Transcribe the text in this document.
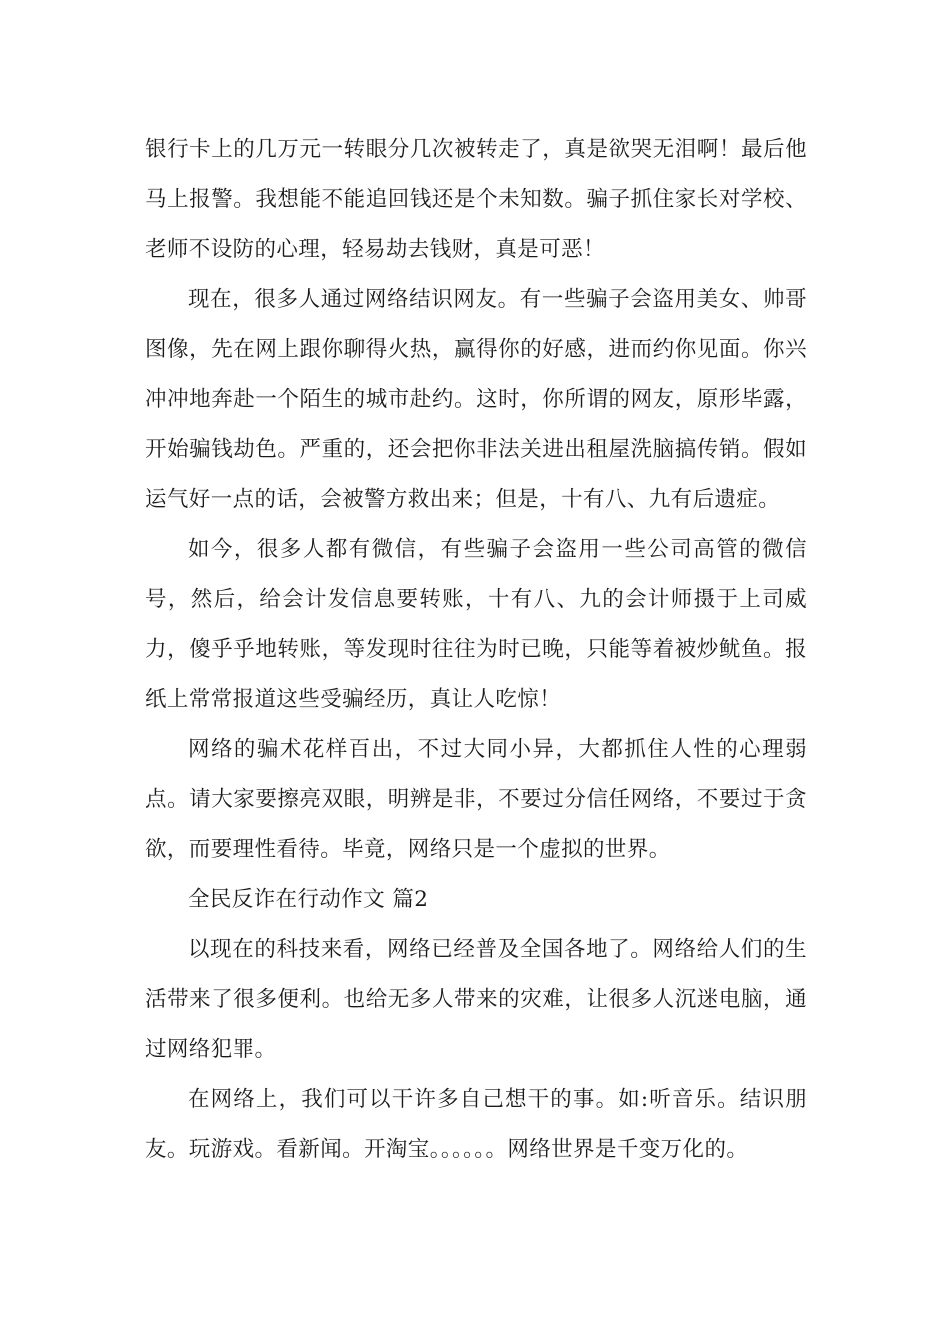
银行卡上的几万元一转眼分几次被转走了，真是欲哭无泪啊！最后他马上报警。我想能不能追回钱还是个未知数。骗子抓住家长对学校、老师不设防的心理，轻易劫去钱财，真是可恶！

现在，很多人通过网络结识网友。有一些骗子会盗用美女、帅哥图像，先在网上跟你聊得火热，赢得你的好感，进而约你见面。你兴冲冲地奔赴一个陌生的城市赴约。这时，你所谓的网友，原形毕露，开始骗钱劫色。严重的，还会把你非法关进出租屋洗脑搞传销。假如运气好一点的话，会被警方救出来；但是，十有八、九有后遗症。

如今，很多人都有微信，有些骗子会盗用一些公司高管的微信号，然后，给会计发信息要转账，十有八、九的会计师摄于上司威力，傻乎乎地转账，等发现时往往为时已晚，只能等着被炒鱿鱼。报纸上常常报道这些受骗经历，真让人吃惊！

网络的骗术花样百出，不过大同小异，大都抓住人性的心理弱点。请大家要擦亮双眼，明辨是非，不要过分信任网络，不要过于贪欲，而要理性看待。毕竟，网络只是一个虚拟的世界。

全民反诈在行动作文 篇2

以现在的科技来看，网络已经普及全国各地了。网络给人们的生活带来了很多便利。也给无多人带来的灾难，让很多人沉迷电脑，通过网络犯罪。

在网络上，我们可以干许多自己想干的事。如:听音乐。结识朋友。玩游戏。看新闻。开淘宝。。。。。。网络世界是千变万化的。
